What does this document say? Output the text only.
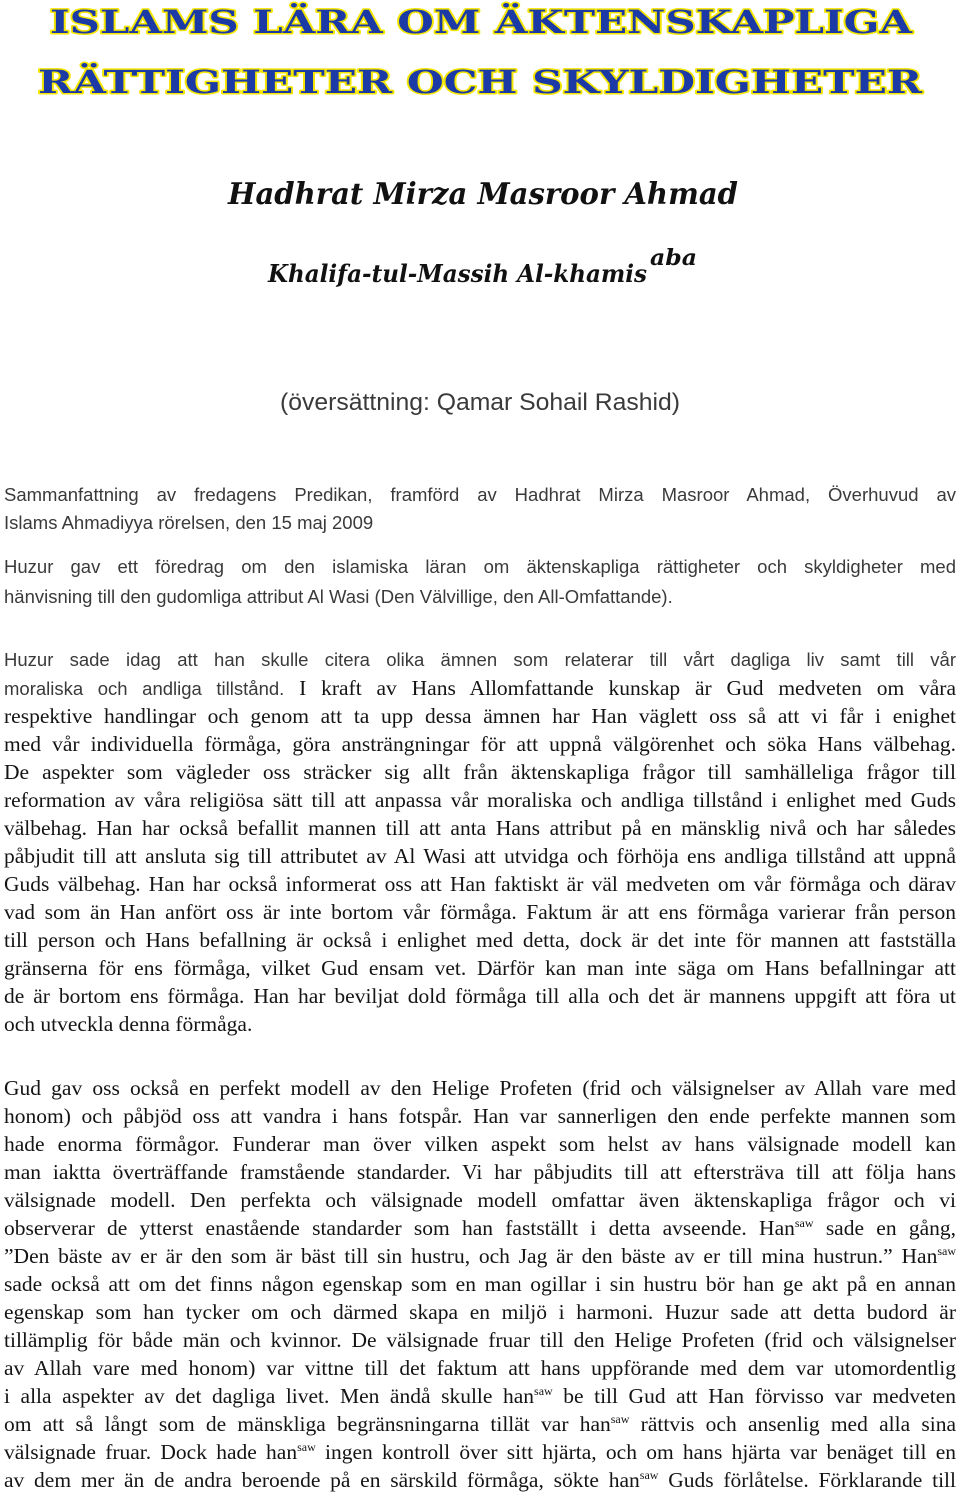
ISLAMS LÄRA OM ÄKTENSKAPLIGA
RÄTTIGHETER OCH SKYLDIGHETER
Hadhrat Mirza Masroor Ahmad
Khalifa-tul-Massih Al-khamis
aba
(översättning: Qamar Sohail Rashid)
Sammanfattning av fredagens Predikan, framförd av Hadhrat Mirza Masroor Ahmad, Överhuvud av
Islams Ahmadiyya rörelsen, den 15 maj 2009
Huzur gav ett föredrag om den islamiska läran om äktenskapliga rättigheter och skyldigheter med
hänvisning till den gudomliga attribut Al Wasi (Den Välvillige, den All-Omfattande).
Huzur sade idag att han skulle citera olika ämnen som relaterar till vårt dagliga liv samt till vår
moraliska och andliga tillstånd. I kraft av Hans Allomfattande kunskap är Gud medveten om våra
respektive handlingar och genom att ta upp dessa ämnen har Han väglett oss så att vi får i enighet
med vår individuella förmåga, göra ansträngningar för att uppnå välgörenhet och söka Hans välbehag.
De aspekter som vägleder oss sträcker sig allt från äktenskapliga frågor till samhälleliga frågor till
reformation av våra religiösa sätt till att anpassa vår moraliska och andliga tillstånd i enlighet med Guds
välbehag. Han har också befallit mannen till att anta Hans attribut på en mänsklig nivå och har således
påbjudit till att ansluta sig till attributet av Al Wasi att utvidga och förhöja ens andliga tillstånd att uppnå
Guds välbehag. Han har också informerat oss att Han faktiskt är väl medveten om vår förmåga och därav
vad som än Han anfört oss är inte bortom vår förmåga. Faktum är att ens förmåga varierar från person
till person och Hans befallning är också i enlighet med detta, dock är det inte för mannen att fastställa
gränserna för ens förmåga, vilket Gud ensam vet. Därför kan man inte säga om Hans befallningar att
de är bortom ens förmåga. Han har beviljat dold förmåga till alla och det är mannens uppgift att föra ut
och utveckla denna förmåga.
Gud gav oss också en perfekt modell av den Helige Profeten (frid och välsignelser av Allah vare med
honom) och påbjöd oss att vandra i hans fotspår. Han var sannerligen den ende perfekte mannen som
hade enorma förmågor. Funderar man över vilken aspekt som helst av hans välsignade modell kan
man iaktta överträffande framstående standarder. Vi har påbjudits till att eftersträva till att följa hans
välsignade modell. Den perfekta och välsignade modell omfattar även äktenskapliga frågor och vi
observerar de ytterst enastående standarder som han fastställt i detta avseende. Han$^{saw}$ sade en gång,
”Den bäste av er är den som är bäst till sin hustru, och Jag är den bäste av er till mina hustrun.” Han$^{saw}$
sade också att om det finns någon egenskap som en man ogillar i sin hustru bör han ge akt på en annan
egenskap som han tycker om och därmed skapa en miljö i harmoni. Huzur sade att detta budord är
tillämplig för både män och kvinnor. De välsignade fruar till den Helige Profeten (frid och välsignelser
av Allah vare med honom) var vittne till det faktum att hans uppförande med dem var utomordentlig
i alla aspekter av det dagliga livet. Men ändå skulle han$^{saw}$ be till Gud att Han förvisso var medveten
om att så långt som de mänskliga begränsningarna tillät var han$^{saw}$ rättvis och ansenlig med alla sina
välsignade fruar. Dock hade han$^{saw}$ ingen kontroll över sitt hjärta, och om hans hjärta var benäget till en
av dem mer än de andra beroende på en särskild förmåga, sökte han$^{saw}$ Guds förlåtelse. Förklarande till
